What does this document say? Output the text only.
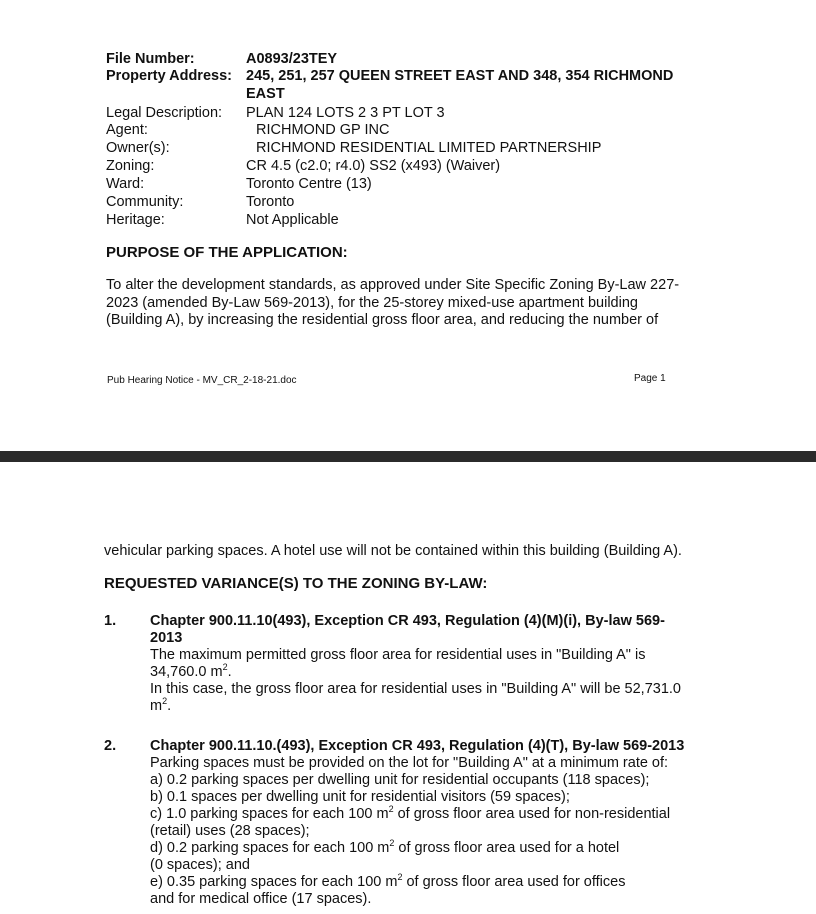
File Number:	A0893/23TEY
Property Address: 245, 251, 257 QUEEN STREET EAST AND 348, 354 RICHMOND
EAST
Legal Description: PLAN 124 LOTS 2 3 PT LOT 3
Agent:	RICHMOND GP INC
Owner(s):	RICHMOND RESIDENTIAL LIMITED PARTNERSHIP
Zoning:	CR 4.5 (c2.0; r4.0) SS2 (x493) (Waiver)
Ward:	Toronto Centre (13)
Community:	Toronto
Heritage:	Not Applicable
PURPOSE OF THE APPLICATION:
To alter the development standards, as approved under Site Specific Zoning By-Law 227-
2023 (amended By-Law 569-2013), for the 25-storey mixed-use apartment building
(Building A), by increasing the residential gross floor area, and reducing the number of
Pub Hearing Notice - MV_CR_2-18-21.doc	Page 1
vehicular parking spaces. A hotel use will not be contained within this building (Building A).
REQUESTED VARIANCE(S) TO THE ZONING BY-LAW:
1. Chapter 900.11.10(493), Exception CR 493, Regulation (4)(M)(i), By-law 569-
2013
The maximum permitted gross floor area for residential uses in "Building A" is
34,760.0 $m^2$.
In this case, the gross floor area for residential uses in "Building A" will be 52,731.0
$m^2$.
2. Chapter 900.11.10.(493), Exception CR 493, Regulation (4)(T), By-law 569-2013
Parking spaces must be provided on the lot for "Building A" at a minimum rate of:
a) 0.2 parking spaces per dwelling unit for residential occupants (118 spaces);
b) 0.1 spaces per dwelling unit for residential visitors (59 spaces);
c) 1.0 parking spaces for each 100 $m^2$ of gross floor area used for non-residential
(retail) uses (28 spaces);
d) 0.2 parking spaces for each 100 $m^2$ of gross floor area used for a hotel
(0 spaces); and
e) 0.35 parking spaces for each 100 $m^2$ of gross floor area used for offices
and for medical office (17 spaces).
